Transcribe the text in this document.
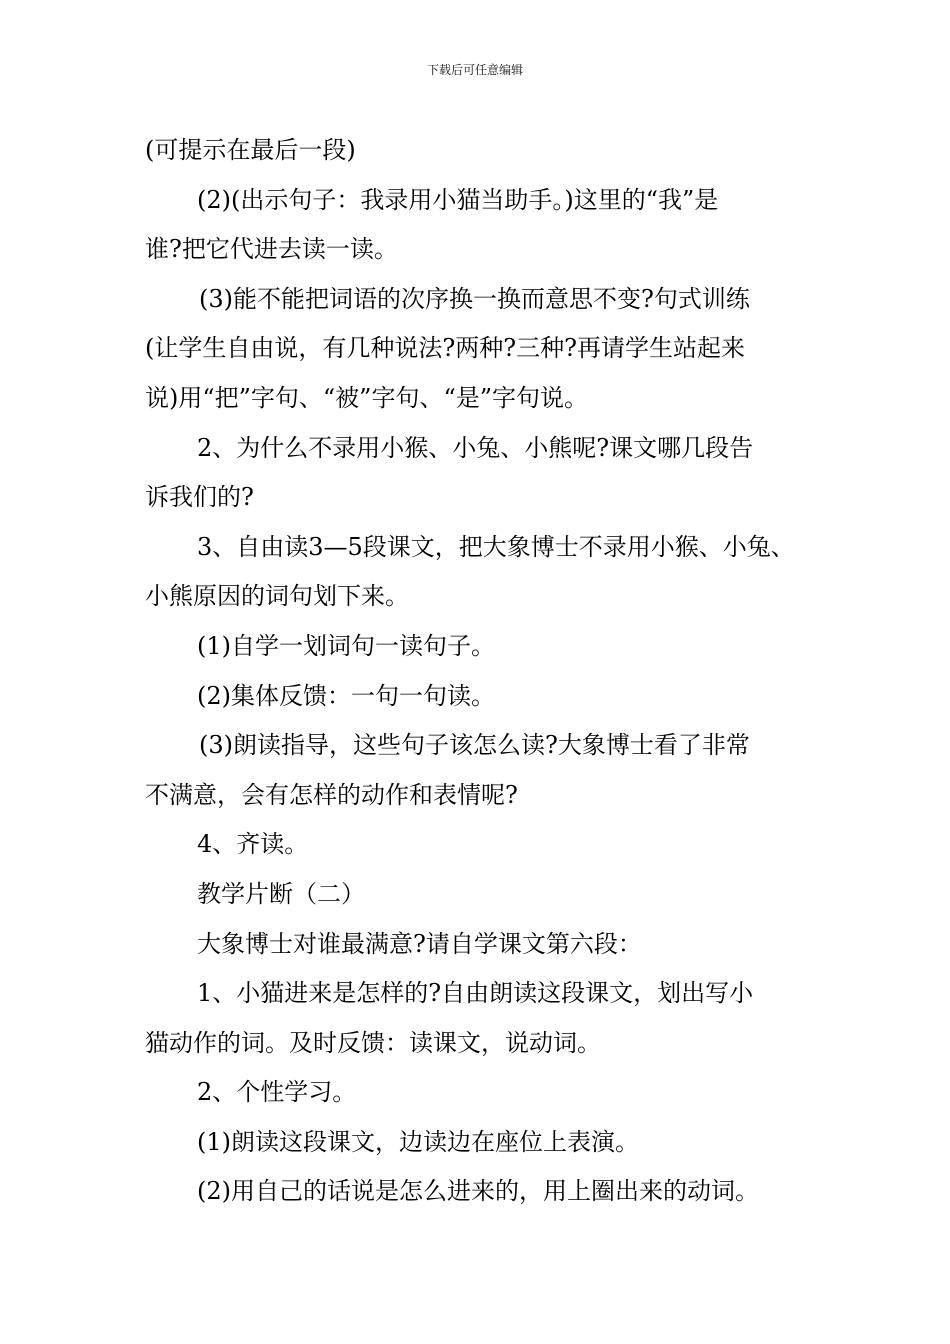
下载后可任意编辑

(可提示在最后一段)

(2)(出示句子：我录用小猫当助手。)这里的“我”是

谁?把它代进去读一读。

(3)能不能把词语的次序换一换而意思不变?句式训练

(让学生自由说，有几种说法?两种?三种?再请学生站起来

说)用“把”字句、“被”字句、“是”字句说。

2、为什么不录用小猴、小兔、小熊呢?课文哪几段告

诉我们的?

3、自由读3—5段课文，把大象博士不录用小猴、小兔、

小熊原因的词句划下来。

(1)自学一划词句一读句子。

(2)集体反馈：一句一句读。

(3)朗读指导，这些句子该怎么读?大象博士看了非常

不满意，会有怎样的动作和表情呢?

4、齐读。

教学片断（二）

大象博士对谁最满意?请自学课文第六段：

1、小猫进来是怎样的?自由朗读这段课文，划出写小

猫动作的词。及时反馈：读课文，说动词。

2、个性学习。

(1)朗读这段课文，边读边在座位上表演。

(2)用自己的话说是怎么进来的，用上圈出来的动词。
